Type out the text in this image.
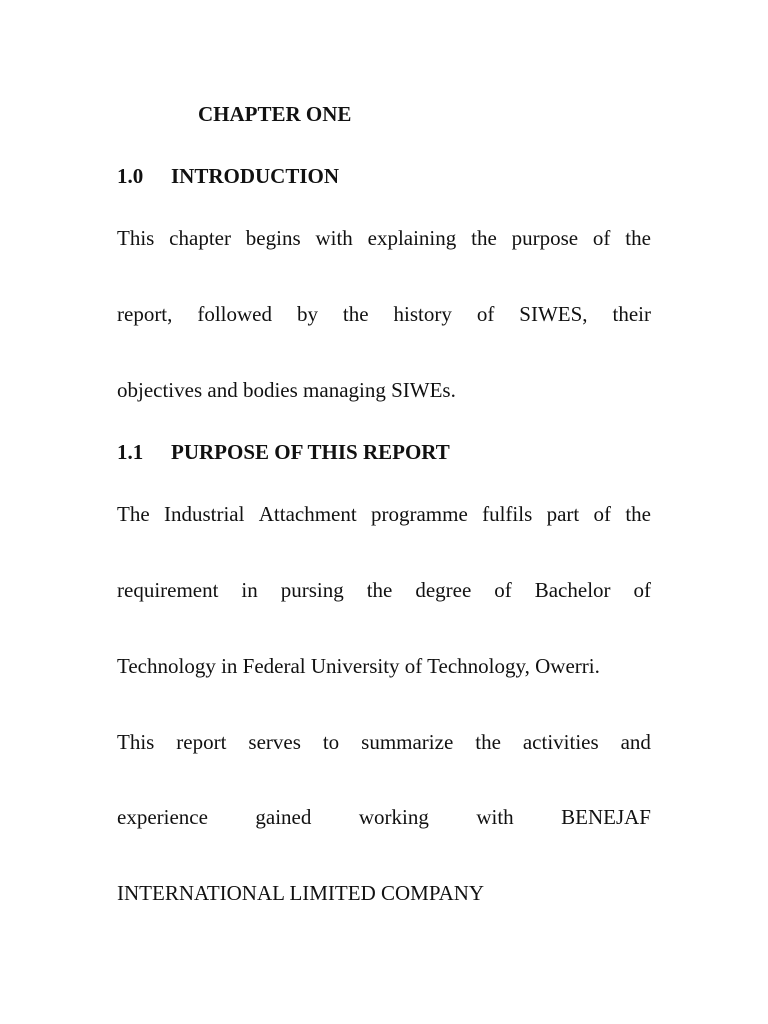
CHAPTER ONE

1.0 INTRODUCTION

This chapter begins with explaining the purpose of the

report, followed by the history of SIWES, their

objectives and bodies managing SIWEs.

1.1 PURPOSE OF THIS REPORT

The Industrial Attachment programme fulfils part of the

requirement in pursing the degree of Bachelor of

Technology in Federal University of Technology, Owerri.

This report serves to summarize the activities and

experience gained working with BENEJAF

INTERNATIONAL LIMITED COMPANY
